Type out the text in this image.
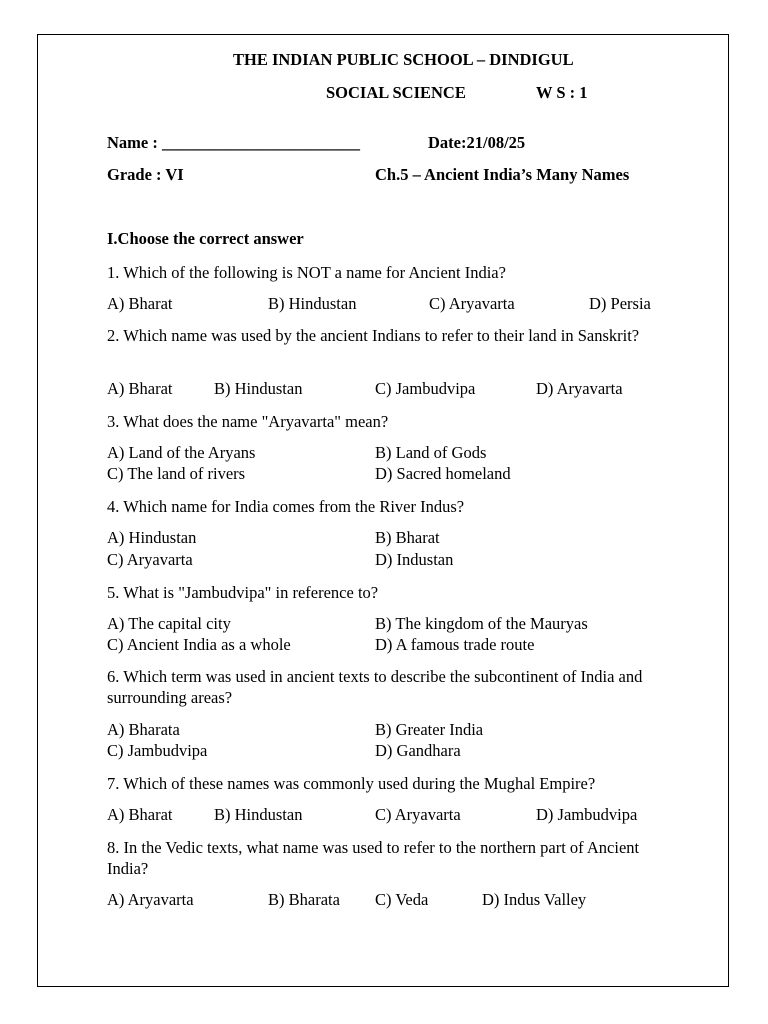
THE INDIAN PUBLIC SCHOOL – DINDIGUL
SOCIAL SCIENCE	W S : 1
Name : ________________________	Date:21/08/25
Grade : VI	Ch.5 – Ancient India’s Many Names
I.Choose the correct answer
1. Which of the following is NOT a name for Ancient India?
A) Bharat	B) Hindustan	C) Aryavarta	D) Persia
2. Which name was used by the ancient Indians to refer to their land in Sanskrit?
A) Bharat	B) Hindustan	C) Jambudvipa	D) Aryavarta
3. What does the name "Aryavarta" mean?
A) Land of the Aryans	B) Land of Gods
C) The land of rivers	D) Sacred homeland
4. Which name for India comes from the River Indus?
A) Hindustan	B) Bharat
C) Aryavarta	D) Industan
5. What is "Jambudvipa" in reference to?
A) The capital city	B) The kingdom of the Mauryas
C) Ancient India as a whole	D) A famous trade route
6. Which term was used in ancient texts to describe the subcontinent of India and surrounding areas?
A) Bharata	B) Greater India
C) Jambudvipa	D) Gandhara
7. Which of these names was commonly used during the Mughal Empire?
A) Bharat	B) Hindustan	C) Aryavarta	D) Jambudvipa
8. In the Vedic texts, what name was used to refer to the northern part of Ancient India?
A) Aryavarta	B) Bharata C) Veda	D) Indus Valley
